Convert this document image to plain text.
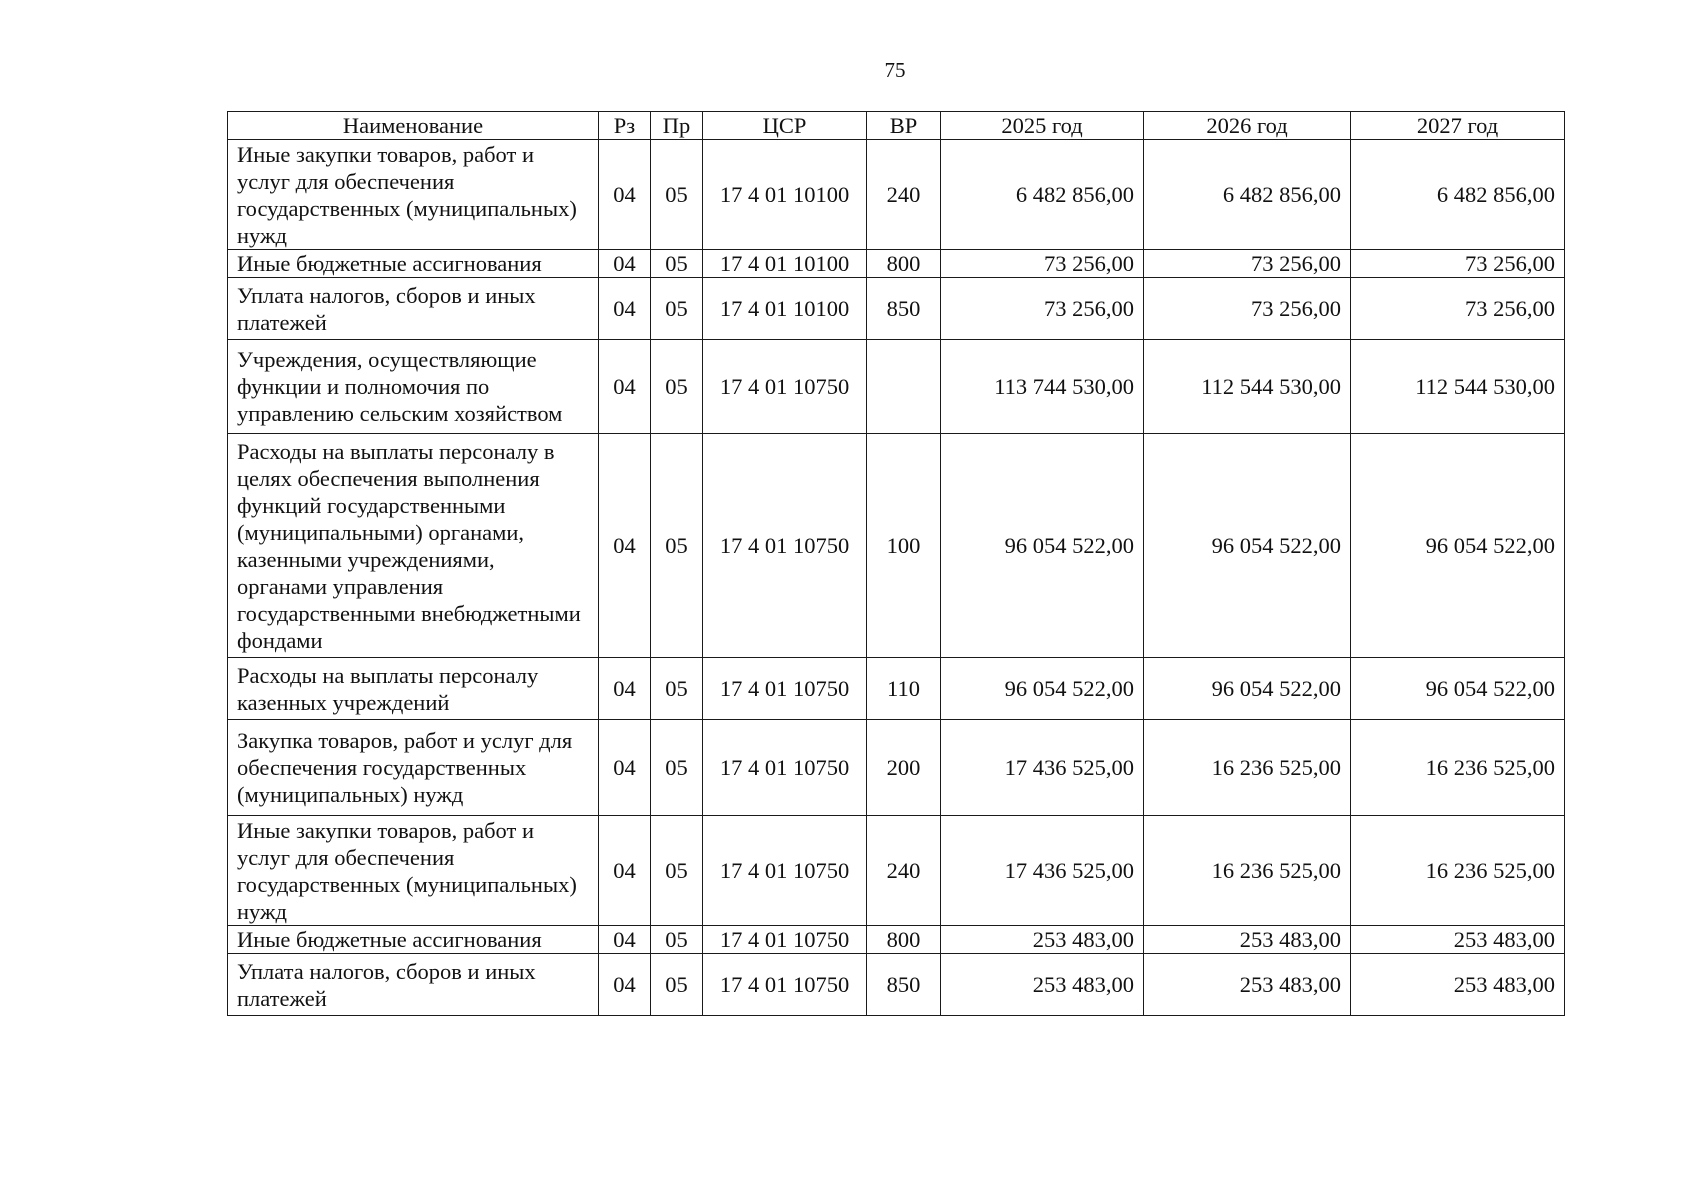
75
Наименование	Рз	Пр	ЦСР	ВР	2025 год	2026 год	2027 год
Иные закупки товаров, работ и услуг для обеспечения государственных (муниципальных) нужд	04	05	17 4 01 10100	240	6 482 856,00	6 482 856,00	6 482 856,00
Иные бюджетные ассигнования	04	05	17 4 01 10100	800	73 256,00	73 256,00	73 256,00
Уплата налогов, сборов и иных платежей	04	05	17 4 01 10100	850	73 256,00	73 256,00	73 256,00
Учреждения, осуществляющие функции и полномочия по управлению сельским хозяйством	04	05	17 4 01 10750		113 744 530,00	112 544 530,00	112 544 530,00
Расходы на выплаты персоналу в целях обеспечения выполнения функций государственными (муниципальными) органами, казенными учреждениями, органами управления государственными внебюджетными фондами	04	05	17 4 01 10750	100	96 054 522,00	96 054 522,00	96 054 522,00
Расходы на выплаты персоналу казенных учреждений	04	05	17 4 01 10750	110	96 054 522,00	96 054 522,00	96 054 522,00
Закупка товаров, работ и услуг для обеспечения государственных (муниципальных) нужд	04	05	17 4 01 10750	200	17 436 525,00	16 236 525,00	16 236 525,00
Иные закупки товаров, работ и услуг для обеспечения государственных (муниципальных) нужд	04	05	17 4 01 10750	240	17 436 525,00	16 236 525,00	16 236 525,00
Иные бюджетные ассигнования	04	05	17 4 01 10750	800	253 483,00	253 483,00	253 483,00
Уплата налогов, сборов и иных платежей	04	05	17 4 01 10750	850	253 483,00	253 483,00	253 483,00
